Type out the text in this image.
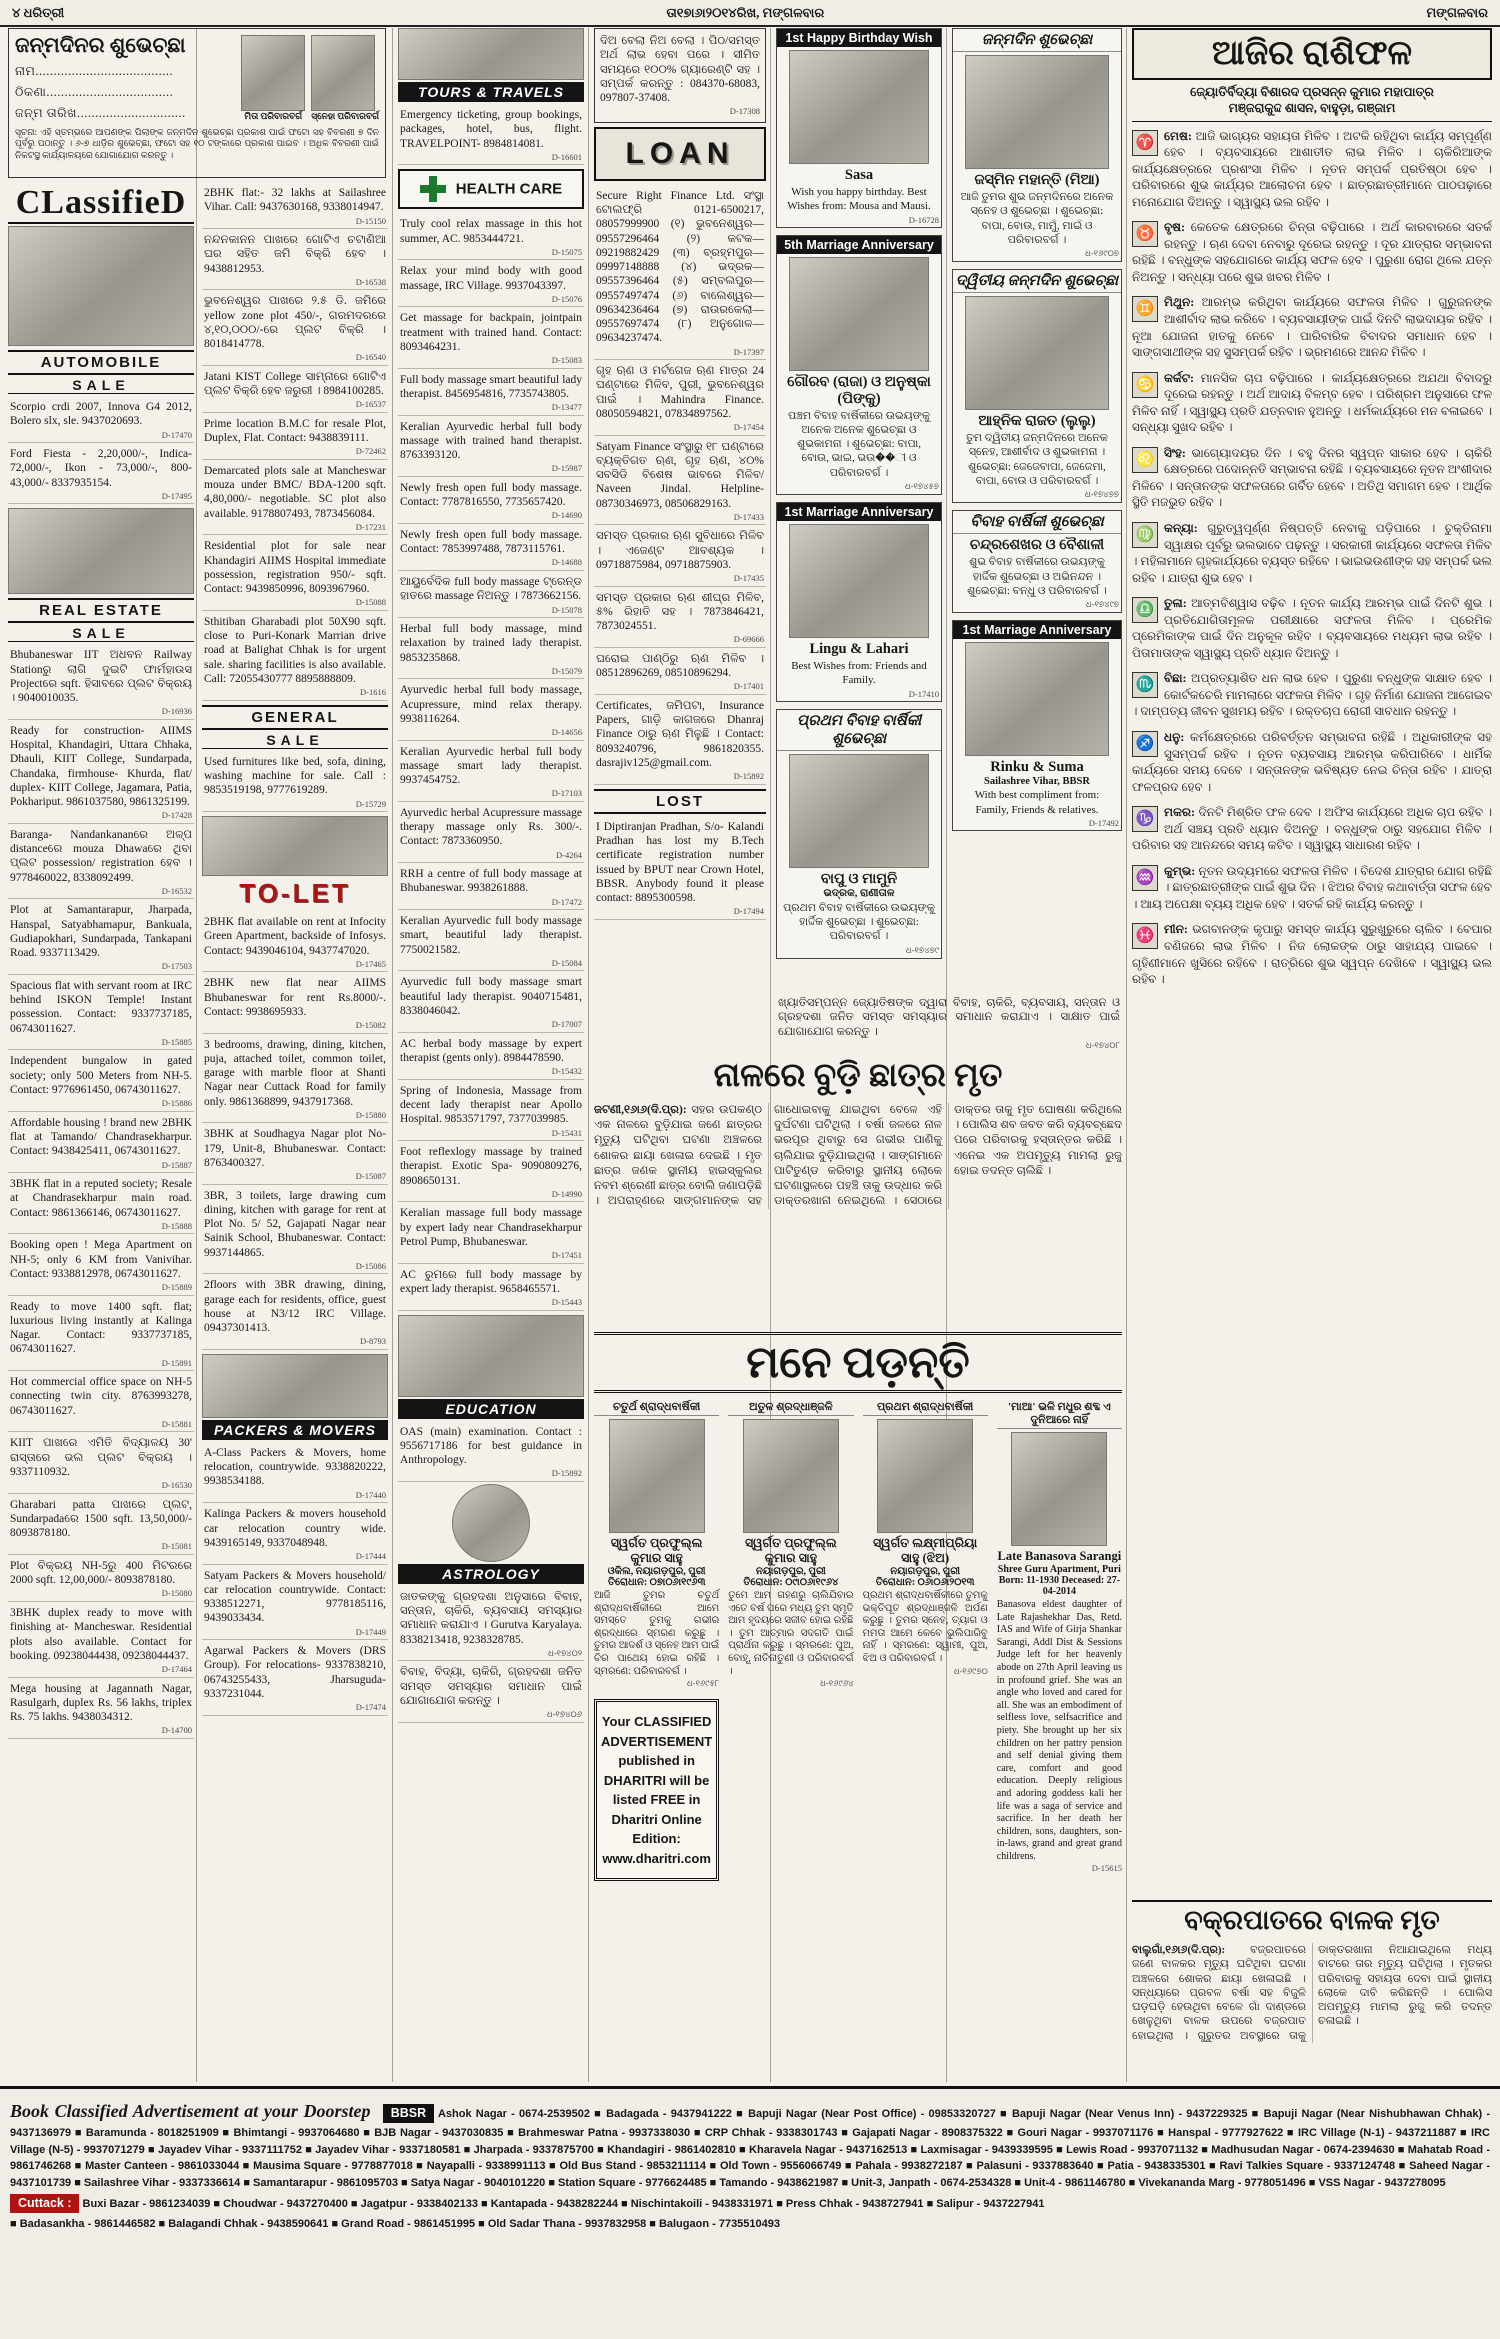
୪ ଧରିତ୍ରୀ	ତା୧୭ା୬ା୨୦୧୪ରିଖ, ମଙ୍ଗଳବାର	ମଙ୍ଗଳବାର
ଜନ୍ମଦିନର ଶୁଭେଚ୍ଛା
ନାମ......................................
ଠିକଣା...................................
ଜନ୍ମ ତାରିଖ..............................	ମିତା ପରିବାରବର୍ଗ	ସ୍ନେହା ପରିବାରବର୍ଗ
ସୂଚନା: ଏହି ସ୍ତମ୍ଭରେ ଆପଣଙ୍କ ପିଲାଙ୍କ ଜନ୍ମଦିନ ଶୁଭେଚ୍ଛା ପ୍ରକାଶ ପାଇଁ ଫଟୋ ସହ ବିବରଣୀ ୭ ଦିନ ପୂର୍ବରୁ ପଠାନ୍ତୁ । ୬-୭ ଧାଡ଼ିର ଶୁଭେଚ୍ଛା, ଫଟୋ ସହ ୧୦ ଟଙ୍କାରେ ପ୍ରକାଶ ପାଇବ । ଅଧିକ ବିବରଣୀ ପାଇଁ ନିକଟସ୍ଥ କାର୍ଯ୍ୟାଳୟରେ ଯୋଗାଯୋଗ କରନ୍ତୁ ।
CLassifieD
AUTOMOBILE
SALE
Scorpio crdi 2007, Innova G4 2012, Bolero slx, sle. 9437020693.
D-17470
Ford Fiesta - 2,20,000/-, Indica- 72,000/-, Ikon - 73,000/-, 800- 43,000/- 8337935154.
D-17495
REAL ESTATE
SALE
Bhubaneswar IIT ଅଧବନ Railway Stationରୁ ଲାଗି ଦୁଇଟି ଫାର୍ମହାଉସ Projectରେ sqft. ହିସାବରେ ପ୍ଲଟ ବିକ୍ରୟ । 9040010035.
D-16936
Ready for construction- AIIMS Hospital, Khandagiri, Uttara Chhaka, Dhauli, KIIT College, Sundarpada, Chandaka, firmhouse- Khurda, flat/ duplex- KIIT College, Jagamara, Patia, Pokhariput. 9861037580, 9861325199.
D-17428
Baranga- Nandankananରେ ଅଳ୍ପ distanceରେ mouza Dhawaରେ ଥିବା ପ୍ଲଟ possession/ registration ହେବ । 9778460022, 8338092499.
D-16532
Plot at Samantarapur, Jharpada, Hanspal, Satyabhamapur, Bankuala, Gudiapokhari, Sundarpada, Tankapani Road. 9337113429.
D-17503
Spacious flat with servant room at IRC behind ISKON Temple! Instant possession. Contact: 9337737185, 06743011627.
D-15885
Independent bungalow in gated society; only 500 Meters from NH-5. Contact: 9776961450, 06743011627.
D-15886
Affordable housing ! brand new 2BHK flat at Tamando/ Chandrasekharpur. Contact: 9438425411, 06743011627.
D-15887
3BHK flat in a reputed society; Resale at Chandrasekharpur main road. Contact: 9861366146, 06743011627.
D-15888
Booking open ! Mega Apartment on NH-5; only 6 KM from Vanivihar. Contact: 9338812978, 06743011627.
D-15889
Ready to move 1400 sqft. flat; luxurious living instantly at Kalinga Nagar. Contact: 9337737185, 06743011627.
D-15891
Hot commercial office space on NH-5 connecting twin city. 8763993278, 06743011627.
D-15881
KIIT ପାଖରେ ଏମିତି ବିଦ୍ୟାଳୟ 30' ରାସ୍ତାରେ ଭଲ ପ୍ଲଟ ବିକ୍ରୟ । 9337110932.
D-16530
Gharabari patta ପାଖରେ ପ୍ଲଟ, Sundarpadaରେ 1500 sqft. 13,50,000/- 8093878180.
D-15081
Plot ବିକ୍ରୟ NH-5ରୁ 400 ମିଟରରେ 2000 sqft. 12,00,000/- 8093878180.
D-15080
3BHK duplex ready to move with finishing at- Mancheswar. Residential plots also available. Contact for booking. 09238044438, 09238044437.
D-17464
Mega housing at Jagannath Nagar, Rasulgarh, duplex Rs. 56 lakhs, triplex Rs. 75 lakhs. 9438034312.
D-14700
2BHK flat:- 32 lakhs at Sailashree Vihar. Call: 9437630168, 9338014947.
D-15150
ନନ୍ଦନକାନନ ପାଖରେ ଗୋଟିଏ ଚଟାଣିଆ ଘର ସହିତ ଜମି ବିକ୍ରି ହେବ । 9438812953.
D-16538
ଭୁବନେଶ୍ୱର ପାଖରେ ୨.୫ ଡି. ଜମିରେ yellow zone plot 450/-, ଗରମଦରରେ ୪,୧୦,୦୦୦/-ରେ ପ୍ଲଟ ବିକ୍ରି । 8018414778.
D-16540
Jatani KIST College ସାମ୍ନାରେ ଗୋଟିଏ ପ୍ଲଟ ବିକ୍ରି ହେବ ଜରୁରୀ । 8984100285.
D-16537
Prime location B.M.C for resale Plot, Duplex, Flat. Contact: 9438839111.
D-72462
Demarcated plots sale at Mancheswar mouza under BMC/ BDA-1200 sqft. 4,80,000/- negotiable. SC plot also available. 9178807493, 7873456084.
D-17231
Residential plot for sale near Khandagiri AIIMS Hospital immediate possession, registration 950/- sqft. Contact: 9439850996, 8093967960.
D-15088
Sthitiban Gharabadi plot 50X90 sqft. close to Puri-Konark Marrian drive road at Balighat Chhak is for urgent sale. sharing facilities is also available. Call: 72055430777 8895888809.
D-1616
GENERAL
SALE
Used furnitures like bed, sofa, dining, washing machine for sale. Call : 9853519198, 9777619289.
D-15729
TO-LET
2BHK flat available on rent at Infocity Green Apartment, backside of Infosys. Contact: 9439046104, 9437747020.
D-17465
2BHK new flat near AIIMS Bhubaneswar for rent Rs.8000/-. Contact: 9938695933.
D-15082
3 bedrooms, drawing, dining, kitchen, puja, attached toilet, common toilet, garage with marble floor at Shanti Nagar near Cuttack Road for family only. 9861368899, 9437917368.
D-15880
3BHK at Soudhagya Nagar plot No- 179, Unit-8, Bhubaneswar. Contact: 8763400327.
D-15087
3BR, 3 toilets, large drawing cum dining, kitchen with garage for rent at Plot No. 5/ 52, Gajapati Nagar near Sainik School, Bhubaneswar. Contact: 9937144865.
D-15086
2floors with 3BR drawing, dining, garage each for residents, office, guest house at N3/12 IRC Village. 09437301413.
D-8793
PACKERS & MOVERS
A-Class Packers & Movers, home relocation, countrywide. 9338820222, 9938534188.
D-17440
Kalinga Packers & movers household car relocation country wide. 9439165149, 9337048948.
D-17444
Satyam Packers & Movers household/ car relocation countrywide. Contact: 9338512271, 9778185116, 9439033434.
D-17449
Agarwal Packers & Movers (DRS Group). For relocations- 9337838210, 06743255433, Jharsuguda- 9337231044.
D-17474
TOURS & TRAVELS
Emergency ticketing, group bookings, packages, hotel, bus, flight. TRAVELPOINT- 8984814081.
D-16601
HEALTH CARE
Truly cool relax massage in this hot summer, AC. 9853444721.
D-15075
Relax your mind body with good massage, IRC Village. 9937043397.
D-15076
Get massage for backpain, jointpain treatment with trained hand. Contact: 8093464231.
D-15083
Full body massage smart beautiful lady therapist. 8456954816, 7735743805.
D-13477
Keralian Ayurvedic herbal full body massage with trained hand therapist. 8763393120.
D-15987
Newly fresh open full body massage. Contact: 7787816550, 7735657420.
D-14690
Newly fresh open full body massage. Contact: 7853997488, 7873115761.
D-14688
ଆୟୁର୍ବେଦିକ full body massage ଟ୍ରେନ୍ଡ ହାତରେ massage ନିଅନ୍ତୁ । 7873662156.
D-15078
Herbal full body massage, mind relaxation by trained lady therapist. 9853235868.
D-15079
Ayurvedic herbal full body massage, Acupressure, mind relax therapy. 9938116264.
D-14656
Keralian Ayurvedic herbal full body massage smart lady therapist. 9937454752.
D-17103
Ayurvedic herbal Acupressure massage therapy massage only Rs. 300/-. Contact: 7873360950.
D-4264
RRH a centre of full body massage at Bhubaneswar. 9938261888.
D-17472
Keralian Ayurvedic full body massage smart, beautiful lady therapist. 7750021582.
D-15084
Ayurvedic full body massage smart beautiful lady therapist. 9040715481, 8338046042.
D-17007
AC herbal body massage by expert therapist (gents only). 8984478590.
D-15432
Spring of Indonesia, Massage from decent lady therapist near Apollo Hospital. 9853571797, 7377039985.
D-15431
Foot reflexlogy massage by trained therapist. Exotic Spa- 9090809276, 8908650131.
D-14990
Keralian massage full body massage by expert lady near Chandrasekharpur Petrol Pump, Bhubaneswar.
D-17451
AC ରୁମରେ full body massage by expert lady therapist. 9658465571.
D-15443
EDUCATION
OAS (main) examination. Contact : 9556717186 for best guidance in Anthropology.
D-15892
ASTROLOGY
ଜାତକଙ୍କୁ ଗ୍ରହଦଶା ଅନୁସାରେ ବିବାହ, ସନ୍ତାନ, ଚାକିରି, ବ୍ୟବସାୟ ସମସ୍ୟାର ସମାଧାନ କରାଯାଏ । Gurutva Karyalaya. 8338213418, 9238328785.
ଧ-୧୭୪୦୨
ବିବାହ, ବିଦ୍ୟା, ଚାକିରି, ଗ୍ରହଦଶା ଜନିତ ସମସ୍ତ ସମସ୍ୟାର ସମାଧାନ ପାଇଁ ଯୋଗାଯୋଗ କରନ୍ତୁ ।
ଧ-୧୭୪୦୬
ଦିଅ ବେଲା ନିଅ ବେଲା । ପିଠ/ସମସ୍ତ ଅର୍ଥ ଲାଭ ହେବା ପରେ । ସୀମିତ ସମୟରେ ୧୦୦% ଗ୍ୟାରେଣ୍ଟି ସହ । ସମ୍ପର୍କ କରନ୍ତୁ : 084370-68083, 097807-37408.
D-17308
LOAN
Secure Right Finance Ltd. ସଂସ୍ଥା ଟୋଲଫ୍ରି 0121-6500217, 08057999900 (୧) ଭୁବନେଶ୍ୱର—09557296464 (୨) କଟକ— 09219882429 (୩) ବ୍ରହ୍ମପୁର— 09997148888 (୪) ଭଦ୍ରକ— 09557396464 (୫) ସମ୍ବଲପୁର— 09557497474 (୬) ବାଲେଶ୍ୱର— 09634236464 (୭) ରାଉରକେଲା— 09557697474 (୮) ଅନୁଗୋଳ—09634237474.
D-17397
ଗୃହ ଋଣ ଓ ମର୍ଟଗେଜ ଋଣ ମାତ୍ର 24 ଘଣ୍ଟାରେ ମିଳିବ, ପୁରୀ, ଭୁବନେଶ୍ୱର ପାଇଁ । Mahindra Finance. 08050594821, 07834897562.
D-17454
Satyam Finance ସଂସ୍ଥାରୁ ୧୮ ଘଣ୍ଟାରେ ବ୍ୟକ୍ତିଗତ ଋଣ, ଗୃହ ଋଣ, ୪୦% ସବସିଡି ବିଶେଷ ଭାବରେ ମିଳିବ/ Naveen Jindal. Helpline- 08730346973, 08506829163.
D-17433
ସମସ୍ତ ପ୍ରକାର ଋଣ ସୁବିଧାରେ ମିଳିବ । ଏଜେଣ୍ଟ ଆବଶ୍ୟକ । 09718875984, 09718875903.
D-17435
ସମସ୍ତ ପ୍ରକାର ଋଣ ଶୀଘ୍ର ମିଳିବ, ୫% ରିହାତି ସହ । 7873846421, 7873024551.
D-69666
ଘରୋଇ ପାଣ୍ଠିରୁ ଋଣ ମିଳିବ । 08512896269, 08510896294.
D-17401
Certificates, ଜମିପଟା, Insurance Papers, ଗାଡ଼ି କାଗଜରେ Dhanraj Finance ଠାରୁ ଋଣ ମିଳୁଛି । Contact: 8093240796, 9861820355. dasrajiv125@gmail.com.
D-15892
LOST
I Diptiranjan Pradhan, S/o- Kalandi Pradhan has lost my B.Tech certificate registration number issued by BPUT near Crown Hotel, BBSR. Anybody found it please contact: 8895300598.
D-17494
1st Happy Birthday Wish
Sasa
Wish you happy birthday. Best Wishes from: Mousa and Mausi.
D-16728
5th Marriage Anniversary
ଗୌରବ (ରାଜା) ଓ ଅନୁଷ୍କା (ପିଙ୍କୁ)
ପଞ୍ଚମ ବିବାହ ବାର୍ଷିକୀରେ ଉଭୟଙ୍କୁ ଅନେକ ଅନେକ ଶୁଭେଚ୍ଛା ଓ ଶୁଭକାମନା । ଶୁଭେଚ୍ଛା: ବାପା, ବୋଉ, ଭାଇ, ଭଉ��ୀ ଓ ପରିବାରବର୍ଗ ।
ଧ-୧୭୪୫୭
1st Marriage Anniversary
Lingu & Lahari
Best Wishes from: Friends and Family.
D-17410
ପ୍ରଥମ ବିବାହ ବାର୍ଷିକୀ ଶୁଭେଚ୍ଛା
ବାପୁ ଓ ମାମୁନି
ଭଦ୍ରକ, ରାଣୀତାଳ
ପ୍ରଥମ ବିବାହ ବାର୍ଷିକୀରେ ଉଭୟଙ୍କୁ ହାର୍ଦ୍ଦିକ ଶୁଭେଚ୍ଛା । ଶୁଭେଚ୍ଛା: ପରିବାରବର୍ଗ ।
ଧ-୧୭୪୭୯
ଜନ୍ମଦିନ ଶୁଭେଚ୍ଛା
ଜସ୍ମିନ ମହାନ୍ତି (ମିଆ)
ଆଜି ତୁମର ଶୁଭ ଜନ୍ମଦିନରେ ଅନେକ ସ୍ନେହ ଓ ଶୁଭେଚ୍ଛା । ଶୁଭେଚ୍ଛା: ବାପା, ବୋଉ, ମାମୁଁ, ମାଇଁ ଓ ପରିବାରବର୍ଗ ।
ଧ-୧୬୯୦୭
ଦ୍ୱିତୀୟ ଜନ୍ମଦିନ ଶୁଭେଚ୍ଛା
ଆହ୍ନିକ ରାଜତ (ଲୁଲୁ)
ତୁମ ଦ୍ୱିତୀୟ ଜନ୍ମଦିନରେ ଅନେକ ସ୍ନେହ, ଆଶୀର୍ବାଦ ଓ ଶୁଭକାମନା । ଶୁଭେଚ୍ଛା: ଜେଜେବାପା, ଜେଜେମା, ବାପା, ବୋଉ ଓ ପରିବାରବର୍ଗ ।
ଧ-୧୭୪୭୭
ବିବାହ ବାର୍ଷିକୀ ଶୁଭେଚ୍ଛା
ଚନ୍ଦ୍ରଶେଖର ଓ ବୈଶାଳୀ
ଶୁଭ ବିବାହ ବାର୍ଷିକୀରେ ଉଭୟଙ୍କୁ ହାର୍ଦ୍ଦିକ ଶୁଭେଚ୍ଛା ଓ ଅଭିନନ୍ଦନ । ଶୁଭେଚ୍ଛା: ବନ୍ଧୁ ଓ ପରିବାରବର୍ଗ ।
ଧ-୧୭୪୯୭
1st Marriage Anniversary
Rinku & Suma
Sailashree Vihar, BBSR
With best compliment from: Family, Friends & relatives.
D-17492
ଖ୍ୟାତିସମ୍ପନ୍ନ ଜ୍ୟୋତିଷଙ୍କ ଦ୍ୱାରା ବିବାହ, ଚାକିରି, ବ୍ୟବସାୟ, ସନ୍ତାନ ଓ ଗ୍ରହଦଶା ଜନିତ ସମସ୍ତ ସମସ୍ୟାର ସମାଧାନ କରାଯାଏ । ସାକ୍ଷାତ ପାଇଁ ଯୋଗାଯୋଗ କରନ୍ତୁ ।
ଧ-୧୭୪୦୮
ନାଳରେ ବୁଡ଼ି ଛାତ୍ର ମୃତ
ଜଟଣୀ,୧୬ା୬(ଦି.ପ୍ର): ସହର ଉପକଣ୍ଠ ଏକ ନାଳରେ ବୁଡ଼ିଯାଇ ଜଣେ ଛାତ୍ରର ମୃତ୍ୟୁ ଘଟିଥିବା ଘଟଣା ଅଞ୍ଚଳରେ ଶୋକର ଛାୟା ଖେଳାଇ ଦେଇଛି । ମୃତ ଛାତ୍ର ଜଣକ ସ୍ଥାନୀୟ ହାଇସ୍କୁଲର ନବମ ଶ୍ରେଣୀ ଛାତ୍ର ବୋଲି ଜଣାପଡ଼ିଛି । ଅପରାହ୍ଣରେ ସାଙ୍ଗମାନଙ୍କ ସହ ଗାଧୋଇବାକୁ ଯାଇଥିବା ବେଳେ ଏହି ଦୁର୍ଘଟଣା ଘଟିଥିଲା । ବର୍ଷା ଜଳରେ ନାଳ ଭରପୂର ଥିବାରୁ ସେ ଗଭୀର ପାଣିକୁ ଚାଲିଯାଇ ବୁଡ଼ିଯାଇଥିଲା । ସାଙ୍ଗମାନେ ପାଟିତୁଣ୍ଡ କରିବାରୁ ସ୍ଥାନୀୟ ଲୋକେ ଘଟଣାସ୍ଥଳରେ ପହଞ୍ଚି ତାକୁ ଉଦ୍ଧାର କରି ଡାକ୍ତରଖାନା ନେଇଥିଲେ । ସେଠାରେ ଡାକ୍ତର ତାକୁ ମୃତ ଘୋଷଣା କରିଥିଲେ । ପୋଲିସ ଶବ ଜବତ କରି ବ୍ୟବଚ୍ଛେଦ ପରେ ପରିବାରକୁ ହସ୍ତାନ୍ତର କରିଛି । ଏନେଇ ଏକ ଅପମୃତ୍ୟୁ ମାମଲା ରୁଜୁ ହୋଇ ତଦନ୍ତ ଚାଲିଛି ।
ମନେ ପଡ଼ନ୍ତି
ଚତୁର୍ଥ ଶ୍ରାଦ୍ଧବାର୍ଷିକୀ
ସ୍ୱର୍ଗତ ପ୍ରଫୁଲ୍ଲ କୁମାର ସାହୁ
ଓକିଲ, ନୟାଗଡ଼ପୁର, ପୁରୀ
ତିରୋଧାନ: ୦୭ା୦୬ା୧୯୬୩
ଆଜି ତୁମର ଚତୁର୍ଥ ଶ୍ରାଦ୍ଧବାର୍ଷିକୀରେ ଆମେ ସମସ୍ତେ ତୁମକୁ ଗଭୀର ଶ୍ରଦ୍ଧାରେ ସ୍ମରଣ କରୁଛୁ । ତୁମର ଆଦର୍ଶ ଓ ସ୍ନେହ ଆମ ପାଇଁ ଚିର ପାଥେୟ ହୋଇ ରହିଛି । ସ୍ମରଣେ: ପରିବାରବର୍ଗ ।
ଧ-୧୬୯୫୮
Your CLASSIFIED
ADVERTISEMENT
published in
DHARITRI will be
listed FREE in
Dharitri Online
Edition:
www.dharitri.com
ଅତୁଳ ଶ୍ରଦ୍ଧାଞ୍ଜଳି
ସ୍ୱର୍ଗତ ପ୍ରଫୁଲ୍ଲ କୁମାର ସାହୁ
ନୟାଗଡ଼ପୁର, ପୁରୀ
ତିରୋଧାନ: ୦୯ା୦୬ା୧୯୬୪
ତୁମେ ଆମ ଗହଣରୁ ଚାଲିଯିବାର ଏତେ ବର୍ଷ ପରେ ମଧ୍ୟ ତୁମ ସ୍ମୃତି ଆମ ହୃଦୟରେ ସଜୀବ ହୋଇ ରହିଛି । ତୁମ ଆତ୍ମାର ସଦଗତି ପାଇଁ ପ୍ରାର୍ଥନା କରୁଛୁ । ସ୍ମରଣେ: ପୁଅ, ବୋହୂ, ନାତିନାତୁଣୀ ଓ ପରିବାରବର୍ଗ ।
ଧ-୧୬୯୬୪
ପ୍ରଥମ ଶ୍ରାଦ୍ଧବାର୍ଷିକୀ
ସ୍ୱର୍ଗତ ଲକ୍ଷ୍ମୀପ୍ରିୟା ସାହୁ (ଝିଅ)
ନୟାଗଡ଼ପୁର, ପୁରୀ
ତିରୋଧାନ: ୦୬ା୦୬ା୨୦୧୩
ପ୍ରଥମ ଶ୍ରାଦ୍ଧବାର୍ଷିକୀରେ ତୁମକୁ ଭକ୍ତିପୂତ ଶ୍ରଦ୍ଧାଞ୍ଜଳି ଅର୍ପଣ କରୁଛୁ । ତୁମର ସ୍ନେହ, ତ୍ୟାଗ ଓ ମମତା ଆମେ କେବେ ଭୁଲିପାରିବୁ ନାହିଁ । ସ୍ମରଣେ: ସ୍ୱାମୀ, ପୁଅ, ଝିଅ ଓ ପରିବାରବର୍ଗ ।
ଧ-୧୬୯୭୦
'ମାଆ' ଭଳି ମଧୁର ଶବ୍ଦ ଏ ଦୁନିଆରେ ନାହିଁ
Late Banasova Sarangi
Shree Guru Apartment, Puri
Born: 11-1930 Deceased: 27-04-2014
Banasova eldest daughter of Late Rajashekhar Das, Retd. IAS and Wife of Girja Shankar Sarangi, Addl Dist & Sessions Judge left for her heavenly abode on 27th April leaving us in profound grief. She was an angle who loved and cared for all. She was an embodiment of selfless love, selfsacrifice and piety. She brought up her six children on her pattry pension and self denial giving them care, comfort and good education. Deeply religious and adoring goddess kali her life was a saga of service and sacrifice. In her death her children, sons, daughters, son-in-laws, grand and great grand childrens.
D-15615
ଆଜିର ରାଶିଫଳ
ଜ୍ୟୋତିର୍ବିଦ୍ୟା ବିଶାରଦ ପ୍ରସନ୍ନ କୁମାର ମହାପାତ୍ର
ମଞ୍ଜରାକୁଦ୍ଦ ଶାସନ, ବାହୁଡ଼ା, ଗଞ୍ଜାମ
♈ ମେଷ: ଆଜି ଭାଗ୍ୟର ସହାୟତା ମିଳିବ । ଅଟକି ରହିଥିବା କାର୍ଯ୍ୟ ସମ୍ପୂର୍ଣ୍ଣ ହେବ । ବ୍ୟବସାୟରେ ଆଶାତୀତ ଲାଭ ମିଳିବ । ଚାକିରିଆଙ୍କ କାର୍ଯ୍ୟକ୍ଷେତ୍ରରେ ପ୍ରଶଂସା ମିଳିବ । ନୂତନ ସମ୍ପର୍କ ପ୍ରତିଷ୍ଠା ହେବ । ପରିବାରରେ ଶୁଭ କାର୍ଯ୍ୟର ଆଲୋଚନା ହେବ । ଛାତ୍ରଛାତ୍ରୀମାନେ ପାଠପଢ଼ାରେ ମନୋଯୋଗ ଦିଅନ୍ତୁ । ସ୍ୱାସ୍ଥ୍ୟ ଭଲ ରହିବ ।
♉ ବୃଷ: କେତେକ କ୍ଷେତ୍ରରେ ଚିନ୍ତା ବଢ଼ିପାରେ । ଅର୍ଥ କାରବାରରେ ସତର୍କ ରହନ୍ତୁ । ଋଣ ଦେବା ନେବାରୁ ଦୂରେଇ ରହନ୍ତୁ । ଦୂର ଯାତ୍ରାର ସମ୍ଭାବନା ରହିଛି । ବନ୍ଧୁଙ୍କ ସହଯୋଗରେ କାର୍ଯ୍ୟ ସଫଳ ହେବ । ପୁରୁଣା ରୋଗ ଥିଲେ ଯତ୍ନ ନିଅନ୍ତୁ । ସନ୍ଧ୍ୟା ପରେ ଶୁଭ ଖବର ମିଳିବ ।
♊ ମିଥୁନ: ଆରମ୍ଭ କରିଥିବା କାର୍ଯ୍ୟରେ ସଫଳତା ମିଳିବ । ଗୁରୁଜନଙ୍କ ଆଶୀର୍ବାଦ ଲାଭ କରିବେ । ବ୍ୟବସାୟୀଙ୍କ ପାଇଁ ଦିନଟି ଲାଭଦାୟକ ରହିବ । ନୂଆ ଯୋଜନା ହାତକୁ ନେବେ । ପାରିବାରିକ ବିବାଦର ସମାଧାନ ହେବ । ସାଙ୍ଗସାଥୀଙ୍କ ସହ ସୁସମ୍ପର୍କ ରହିବ । ଭ୍ରମଣରେ ଆନନ୍ଦ ମିଳିବ ।
♋ କର୍କଟ: ମାନସିକ ଚାପ ବଢ଼ିପାରେ । କାର୍ଯ୍ୟକ୍ଷେତ୍ରରେ ଅଯଥା ବିବାଦରୁ ଦୂରେଇ ରହନ୍ତୁ । ଅର୍ଥ ଆଦାୟ ବିଳମ୍ବ ହେବ । ପରିଶ୍ରମ ଅନୁସାରେ ଫଳ ମିଳିବ ନାହିଁ । ସ୍ୱାସ୍ଥ୍ୟ ପ୍ରତି ଯତ୍ନବାନ ହୁଅନ୍ତୁ । ଧର୍ମକାର୍ଯ୍ୟରେ ମନ ବଳାଇବେ । ସନ୍ଧ୍ୟା ସୁଖଦ ରହିବ ।
♌ ସିଂହ: ଭାଗ୍ୟୋଦୟର ଦିନ । ବହୁ ଦିନର ସ୍ୱପ୍ନ ସାକାର ହେବ । ଚାକିରି କ୍ଷେତ୍ରରେ ପଦୋନ୍ନତି ସମ୍ଭାବନା ରହିଛି । ବ୍ୟବସାୟରେ ନୂତନ ଅଂଶୀଦାର ମିଳିବେ । ସନ୍ତାନଙ୍କ ସଫଳତାରେ ଗର୍ବିତ ହେବେ । ଅତିଥି ସମାଗମ ହେବ । ଆର୍ଥିକ ସ୍ଥିତି ମଜଭୁତ ରହିବ ।
♍ କନ୍ୟା: ଗୁରୁତ୍ୱପୂର୍ଣ୍ଣ ନିଷ୍ପତ୍ତି ନେବାକୁ ପଡ଼ିପାରେ । ଚୁକ୍ତିନାମା ସ୍ୱାକ୍ଷର ପୂର୍ବରୁ ଭଲଭାବେ ପଢ଼ନ୍ତୁ । ସରକାରୀ କାର୍ଯ୍ୟରେ ସଫଳତା ମିଳିବ । ମହିଳାମାନେ ଗୃହକାର୍ଯ୍ୟରେ ବ୍ୟସ୍ତ ରହିବେ । ଭାଇଭଉଣୀଙ୍କ ସହ ସମ୍ପର୍କ ଭଲ ରହିବ । ଯାତ୍ରା ଶୁଭ ହେବ ।
♎ ତୁଳା: ଆତ୍ମବିଶ୍ୱାସ ବଢ଼ିବ । ନୂତନ କାର୍ଯ୍ୟ ଆରମ୍ଭ ପାଇଁ ଦିନଟି ଶୁଭ । ପ୍ରତିଯୋଗିତାମୂଳକ ପରୀକ୍ଷାରେ ସଫଳତା ମିଳିବ । ପ୍ରେମିକ ପ୍ରେମିକାଙ୍କ ପାଇଁ ଦିନ ଅନୁକୂଳ ରହିବ । ବ୍ୟବସାୟରେ ମଧ୍ୟମ ଲାଭ ରହିବ । ପିତାମାତାଙ୍କ ସ୍ୱାସ୍ଥ୍ୟ ପ୍ରତି ଧ୍ୟାନ ଦିଅନ୍ତୁ ।
♏ ବିଛା: ଅପ୍ରତ୍ୟାଶିତ ଧନ ଲାଭ ହେବ । ପୁରୁଣା ବନ୍ଧୁଙ୍କ ସାକ୍ଷାତ ହେବ । କୋର୍ଟକଚେରି ମାମଲାରେ ସଫଳତା ମିଳିବ । ଗୃହ ନିର୍ମାଣ ଯୋଜନା ଆଗେଇବ । ଦାମ୍ପତ୍ୟ ଜୀବନ ସୁଖମୟ ରହିବ । ରକ୍ତଚାପ ରୋଗୀ ସାବଧାନ ରହନ୍ତୁ ।
♐ ଧନୁ: କର୍ମକ୍ଷେତ୍ରରେ ପରିବର୍ତ୍ତନ ସମ୍ଭାବନା ରହିଛି । ଅଧିକାରୀଙ୍କ ସହ ସୁସମ୍ପର୍କ ରହିବ । ନୂତନ ବ୍ୟବସାୟ ଆରମ୍ଭ କରିପାରିବେ । ଧାର୍ମିକ କାର୍ଯ୍ୟରେ ସମୟ ଦେବେ । ସନ୍ତାନଙ୍କ ଭବିଷ୍ୟତ ନେଇ ଚିନ୍ତା ରହିବ । ଯାତ୍ରା ଫଳପ୍ରଦ ହେବ ।
♑ ମକର: ଦିନଟି ମିଶ୍ରିତ ଫଳ ଦେବ । ଅଫିସ କାର୍ଯ୍ୟରେ ଅଧିକ ଚାପ ରହିବ । ଅର୍ଥ ସଞ୍ଚୟ ପ୍ରତି ଧ୍ୟାନ ଦିଅନ୍ତୁ । ବନ୍ଧୁଙ୍କ ଠାରୁ ସହଯୋଗ ମିଳିବ । ପରିବାର ସହ ଆନନ୍ଦରେ ସମୟ କଟିବ । ସ୍ୱାସ୍ଥ୍ୟ ସାଧାରଣ ରହିବ ।
♒ କୁମ୍ଭ: ନୂତନ ଉଦ୍ୟମରେ ସଫଳତା ମିଳିବ । ବିଦେଶ ଯାତ୍ରାର ଯୋଗ ରହିଛି । ଛାତ୍ରଛାତ୍ରୀଙ୍କ ପାଇଁ ଶୁଭ ଦିନ । ଝିଅର ବିବାହ କଥାବାର୍ତ୍ତା ସଫଳ ହେବ । ଆୟ ଅପେକ୍ଷା ବ୍ୟୟ ଅଧିକ ହେବ । ସତର୍କ ରହି କାର୍ଯ୍ୟ କରନ୍ତୁ ।
♓ ମୀନ: ଭଗବାନଙ୍କ କୃପାରୁ ସମସ୍ତ କାର୍ଯ୍ୟ ସୁରୁଖୁରୁରେ ଚାଲିବ । ବେପାର ବଣିଜରେ ଲାଭ ମିଳିବ । ନିଜ ଲୋକଙ୍କ ଠାରୁ ସାହାଯ୍ୟ ପାଇବେ । ଗୃହିଣୀମାନେ ଖୁସିରେ ରହିବେ । ରାତ୍ରିରେ ଶୁଭ ସ୍ୱପ୍ନ ଦେଖିବେ । ସ୍ୱାସ୍ଥ୍ୟ ଭଲ ରହିବ ।
ବକ୍ରପାତରେ ବାଳକ ମୃତ
ବାଲୁଗାଁ,୧୬ା୬(ଦି.ପ୍ର): ବଜ୍ରପାତରେ ଜଣେ ବାଳକର ମୃତ୍ୟୁ ଘଟିଥିବା ଘଟଣା ଅଞ୍ଚଳରେ ଶୋକର ଛାୟା ଖେଳାଇଛି । ସନ୍ଧ୍ୟାରେ ପ୍ରବଳ ବର୍ଷା ସହ ବିଜୁଳି ଘଡ଼ଘଡ଼ି ହେଉଥିବା ବେଳେ ଗାଁ ଦାଣ୍ଡରେ ଖେଳୁଥିବା ବାଳକ ଉପରେ ବଜ୍ରପାତ ହୋଇଥିଲା । ଗୁରୁତର ଅବସ୍ଥାରେ ତାକୁ ଡାକ୍ତରଖାନା ନିଆଯାଇଥିଲେ ମଧ୍ୟ ବାଟରେ ତାର ମୃତ୍ୟୁ ଘଟିଥିଲା । ମୃତକର ପରିବାରକୁ ସହାୟତା ଦେବା ପାଇଁ ସ୍ଥାନୀୟ ଲୋକେ ଦାବି କରିଛନ୍ତି । ପୋଲିସ ଅପମୃତ୍ୟୁ ମାମଲା ରୁଜୁ କରି ତଦନ୍ତ ଚଳାଇଛି ।

Book Classified Advertisement at your Doorstep BBSR Ashok Nagar - 0674-2539502 ■ Badagada - 9437941222 ■ Bapuji Nagar (Near Post Office) - 09853320727 ■ Bapuji Nagar (Near Venus Inn) - 9437229325 ■ Bapuji Nagar (Near Nishubhawan Chhak) - 9437136979 ■ Baramunda - 8018251909 ■ Bhimtangi - 9937064680 ■ BJB Nagar - 9437030835 ■ Brahmeswar Patna - 9937338030 ■ CRP Chhak - 9338301743 ■ Gajapati Nagar - 8908375322 ■ Gouri Nagar - 9937071176 ■ Hanspal - 9777927622 ■ IRC Village (N-1) - 9437211887 ■ IRC Village (N-5) - 9937071279 ■ Jayadev Vihar - 9337111752 ■ Jayadev Vihar - 9337180581 ■ Jharpada - 9337875700 ■ Khandagiri - 9861402810 ■ Kharavela Nagar - 9437162513 ■ Laxmisagar - 9439339595 ■ Lewis Road - 9937071132 ■ Madhusudan Nagar - 0674-2394630 ■ Mahatab Road - 9861746268 ■ Master Canteen - 9861033044 ■ Mausima Square - 9778877018 ■ Nayapalli - 9338991113 ■ Old Bus Stand - 9853211114 ■ Old Town - 9556066749 ■ Pahala - 9938272187 ■ Palasuni - 9337883640 ■ Patia - 9438335301 ■ Ravi Talkies Square - 9337124748 ■ Saheed Nagar - 9437101739 ■ Sailashree Vihar - 9337336614 ■ Samantarapur - 9861095703 ■ Satya Nagar - 9040101220 ■ Station Square - 9776624485 ■ Tamando - 9438621987 ■ Unit-3, Janpath - 0674-2534328 ■ Unit-4 - 9861146780 ■ Vivekananda Marg - 9778051496 ■ VSS Nagar - 9437278095

Cuttack : Buxi Bazar - 9861234039 ■ Choudwar - 9437270400 ■ Jagatpur - 9338402133 ■ Kantapada - 9438282244 ■ Nischintakoili - 9438331971 ■ Press Chhak - 9438727941 ■ Salipur - 9437227941

■ Badasankha - 9861446582 ■ Balagandi Chhak - 9438590641 ■ Grand Road - 9861451995 ■ Old Sadar Thana - 9937832958 ■ Balugaon - 7735510493
